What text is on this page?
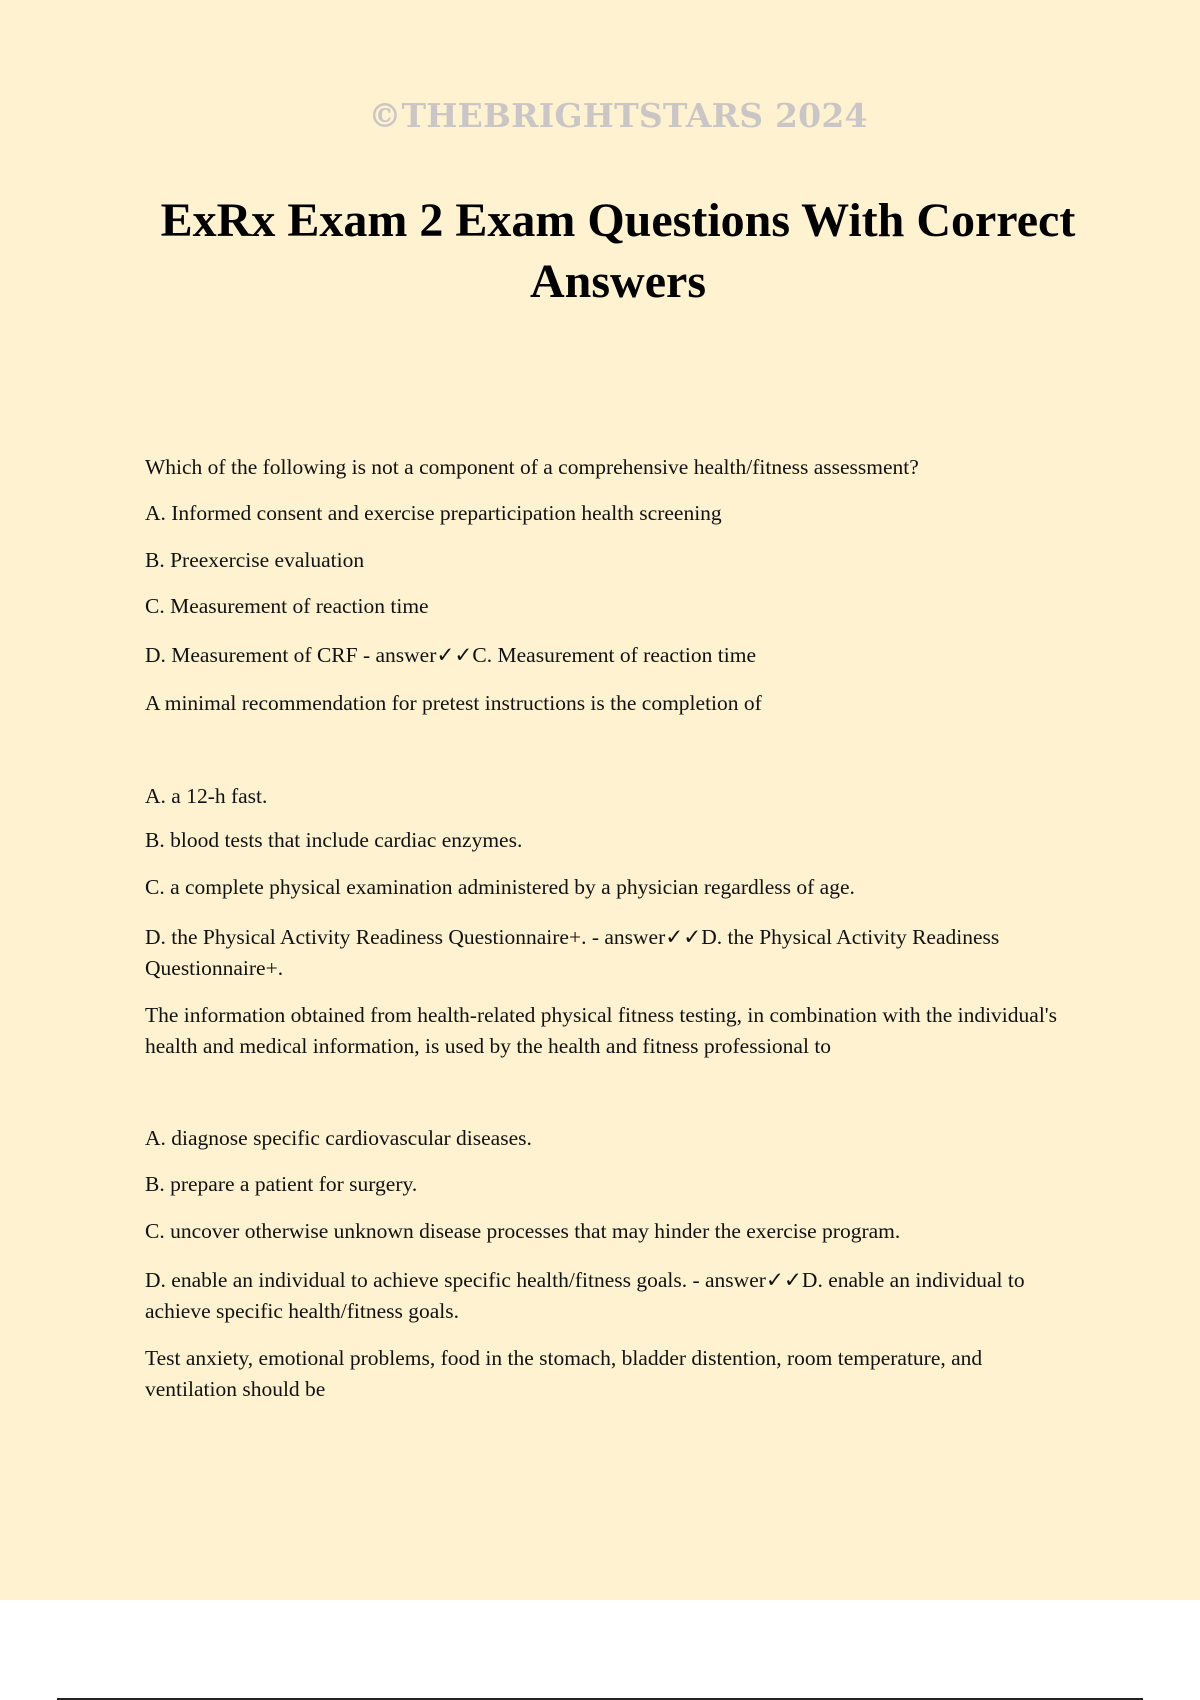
©THEBRIGHTSTARS 2024
ExRx Exam 2 Exam Questions With Correct Answers

Which of the following is not a component of a comprehensive health/fitness assessment?

A. Informed consent and exercise preparticipation health screening

B. Preexercise evaluation

C. Measurement of reaction time

D. Measurement of CRF - answer✓✓C. Measurement of reaction time

A minimal recommendation for pretest instructions is the completion of

A. a 12-h fast.

B. blood tests that include cardiac enzymes.

C. a complete physical examination administered by a physician regardless of age.

D. the Physical Activity Readiness Questionnaire+. - answer✓✓D. the Physical Activity Readiness Questionnaire+.

The information obtained from health-related physical fitness testing, in combination with the individual's health and medical information, is used by the health and fitness professional to

A. diagnose specific cardiovascular diseases.

B. prepare a patient for surgery.

C. uncover otherwise unknown disease processes that may hinder the exercise program.

D. enable an individual to achieve specific health/fitness goals. - answer✓✓D. enable an individual to achieve specific health/fitness goals.

Test anxiety, emotional problems, food in the stomach, bladder distention, room temperature, and ventilation should be
